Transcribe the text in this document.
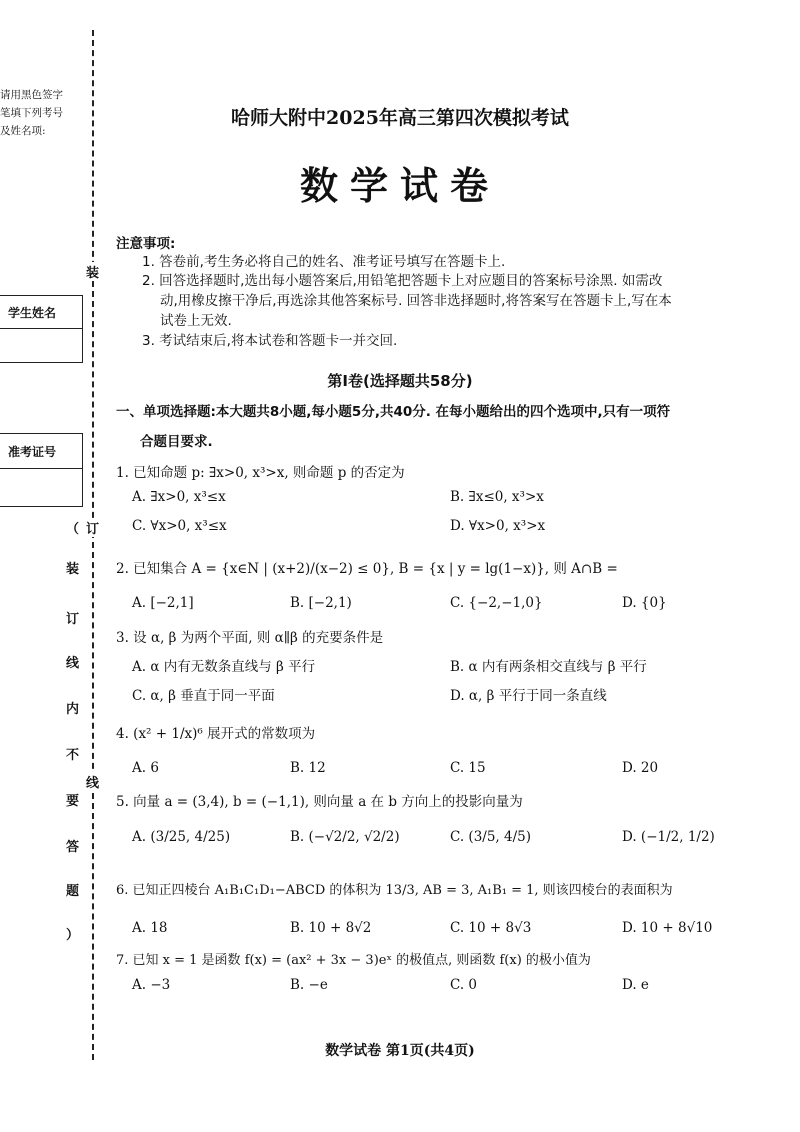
请用黑色签字
笔填下列考号
及姓名项:
学生姓名
准考证号
（
装
订
线
内
不
要
答
题
）
装
订
线
哈师大附中2025年高三第四次模拟考试
数学试卷
注意事项:
1. 答卷前,考生务必将自己的姓名、准考证号填写在答题卡上.
2. 回答选择题时,选出每小题答案后,用铅笔把答题卡上对应题目的答案标号涂黑. 如需改
动,用橡皮擦干净后,再选涂其他答案标号. 回答非选择题时,将答案写在答题卡上,写在本
试卷上无效.
3. 考试结束后,将本试卷和答题卡一并交回.
第Ⅰ卷(选择题共58分)
一、单项选择题:本大题共8小题,每小题5分,共40分. 在每小题给出的四个选项中,只有一项符
合题目要求.
1. 已知命题 p: ∃x>0, x³>x, 则命题 p 的否定为
A. ∃x>0, x³≤x	B. ∃x≤0, x³>x
C. ∀x>0, x³≤x	D. ∀x>0, x³>x
2. 已知集合 A = {x∈N | (x+2)/(x−2) ≤ 0}, B = {x | y = lg(1−x)}, 则 A∩B =
A. [−2,1]	B. [−2,1)	C. {−2,−1,0}	D. {0}
3. 设 α, β 为两个平面, 则 α∥β 的充要条件是
A. α 内有无数条直线与 β 平行	B. α 内有两条相交直线与 β 平行
C. α, β 垂直于同一平面	D. α, β 平行于同一条直线
4. (x² + 1/x)⁶ 展开式的常数项为
A. 6	B. 12	C. 15	D. 20
5. 向量 a = (3,4), b = (−1,1), 则向量 a 在 b 方向上的投影向量为
A. (3/25, 4/25)	B. (−√2/2, √2/2)	C. (3/5, 4/5)	D. (−1/2, 1/2)
6. 已知正四棱台 A₁B₁C₁D₁−ABCD 的体积为 13/3, AB = 3, A₁B₁ = 1, 则该四棱台的表面积为
A. 18	B. 10 + 8√2	C. 10 + 8√3	D. 10 + 8√10
7. 已知 x = 1 是函数 f(x) = (ax² + 3x − 3)eˣ 的极值点, 则函数 f(x) 的极小值为
A. −3	B. −e	C. 0	D. e
数学试卷 第1页(共4页)
